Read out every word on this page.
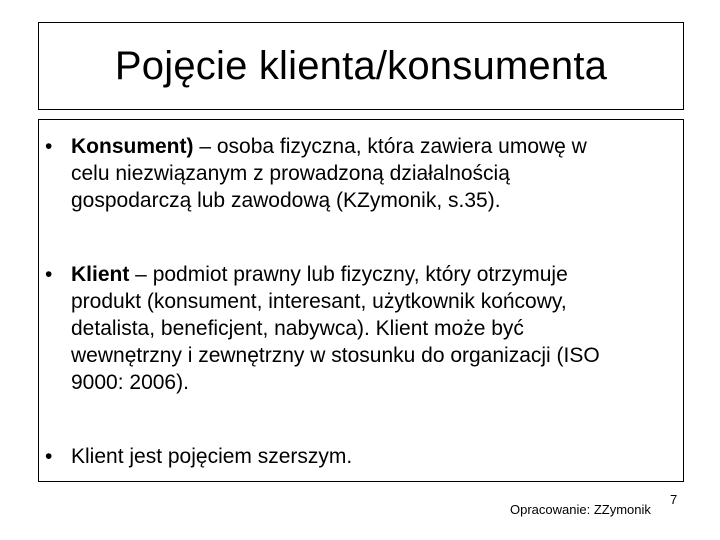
Pojęcie klienta/konsumenta
• Konsument) – osoba fizyczna, która zawiera umowę w
celu niezwiązanym z prowadzoną działalnością
gospodarczą lub zawodową (KZymonik, s.35).
• Klient – podmiot prawny lub fizyczny, który otrzymuje
produkt (konsument, interesant, użytkownik końcowy,
detalista, beneficjent, nabywca). Klient może być
wewnętrzny i zewnętrzny w stosunku do organizacji (ISO
9000: 2006).
• Klient jest pojęciem szerszym.
Opracowanie: ZZymonik
7
